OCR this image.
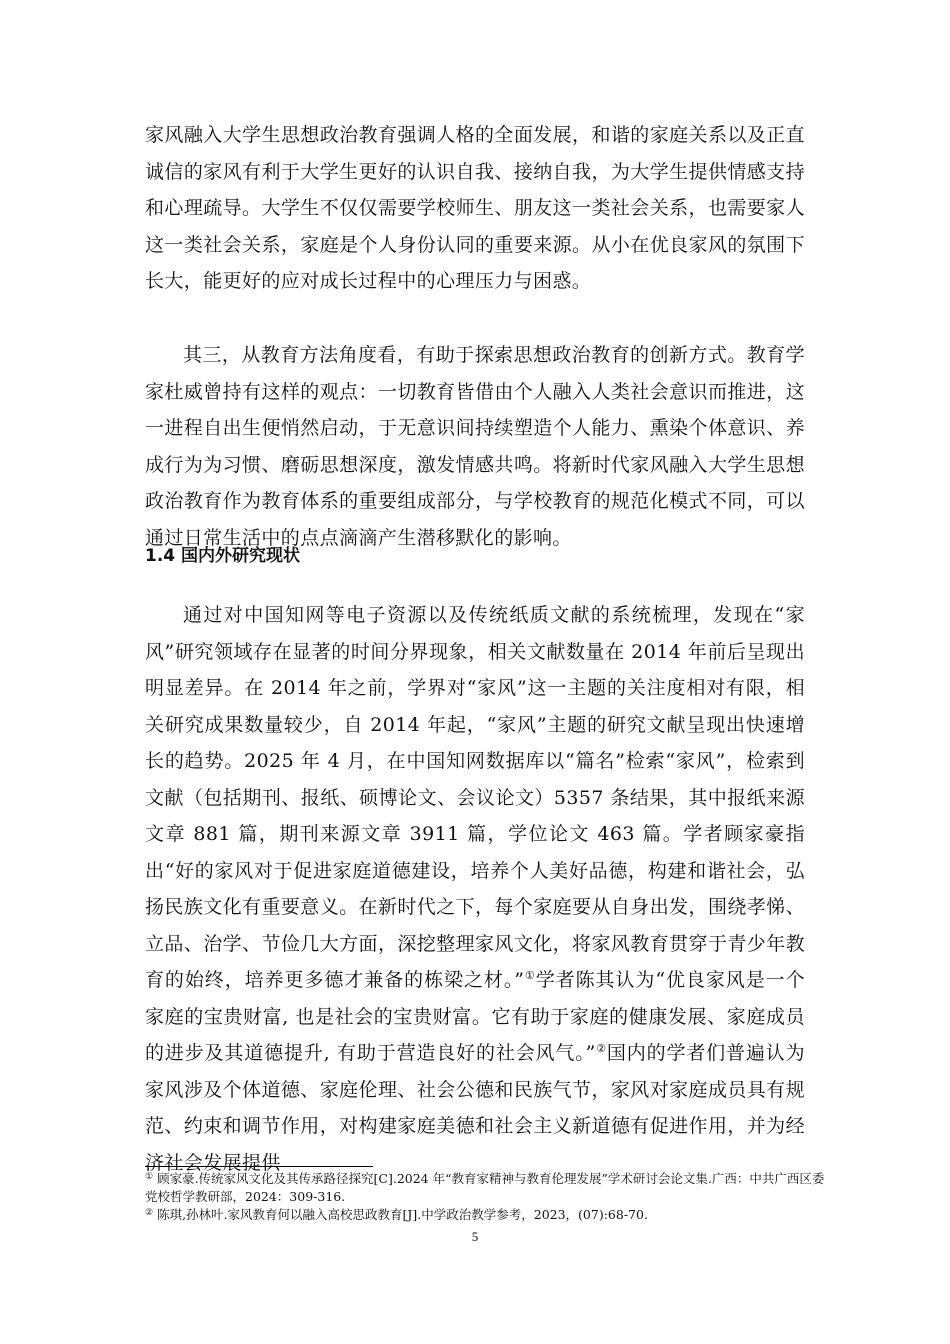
家风融入大学生思想政治教育强调人格的全面发展，和谐的家庭关系以及正直诚信的家风有利于大学生更好的认识自我、接纳自我，为大学生提供情感支持和心理疏导。大学生不仅仅需要学校师生、朋友这一类社会关系，也需要家人这一类社会关系，家庭是个人身份认同的重要来源。从小在优良家风的氛围下长大，能更好的应对成长过程中的心理压力与困惑。
其三，从教育方法角度看，有助于探索思想政治教育的创新方式。教育学家杜威曾持有这样的观点：一切教育皆借由个人融入人类社会意识而推进，这一进程自出生便悄然启动，于无意识间持续塑造个人能力、熏染个体意识、养成行为为习惯、磨砺思想深度，激发情感共鸣。将新时代家风融入大学生思想政治教育作为教育体系的重要组成部分，与学校教育的规范化模式不同，可以通过日常生活中的点点滴滴产生潜移默化的影响。
1.4 国内外研究现状
通过对中国知网等电子资源以及传统纸质文献的系统梳理，发现在“家风”研究领域存在显著的时间分界现象，相关文献数量在 2014 年前后呈现出明显差异。在 2014 年之前，学界对“家风”这一主题的关注度相对有限，相关研究成果数量较少，自 2014 年起，“家风”主题的研究文献呈现出快速增长的趋势。2025 年 4 月，在中国知网数据库以“篇名”检索“家风”，检索到文献（包括期刊、报纸、硕博论文、会议论文）5357 条结果，其中报纸来源文章 881 篇，期刊来源文章 3911 篇，学位论文 463 篇。学者顾家豪指出“好的家风对于促进家庭道德建设，培养个人美好品德，构建和谐社会，弘扬民族文化有重要意义。在新时代之下，每个家庭要从自身出发，围绕孝悌、立品、治学、节俭几大方面，深挖整理家风文化，将家风教育贯穿于青少年教育的始终，培养更多德才兼备的栋梁之材。”①学者陈其认为“优良家风是一个家庭的宝贵财富, 也是社会的宝贵财富。它有助于家庭的健康发展、家庭成员的进步及其道德提升, 有助于营造良好的社会风气。”②国内的学者们普遍认为家风涉及个体道德、家庭伦理、社会公德和民族气节，家风对家庭成员具有规范、约束和调节作用，对构建家庭美德和社会主义新道德有促进作用，并为经济社会发展提供
① 顾家豪.传统家风文化及其传承路径探究[C].2024 年“教育家精神与教育伦理发展”学术研讨会论文集.广西：中共广西区委党校哲学教研部，2024：309-316.
② 陈琪,孙林叶.家风教育何以融入高校思政教育[J].中学政治教学参考，2023，(07):68-70.
5
